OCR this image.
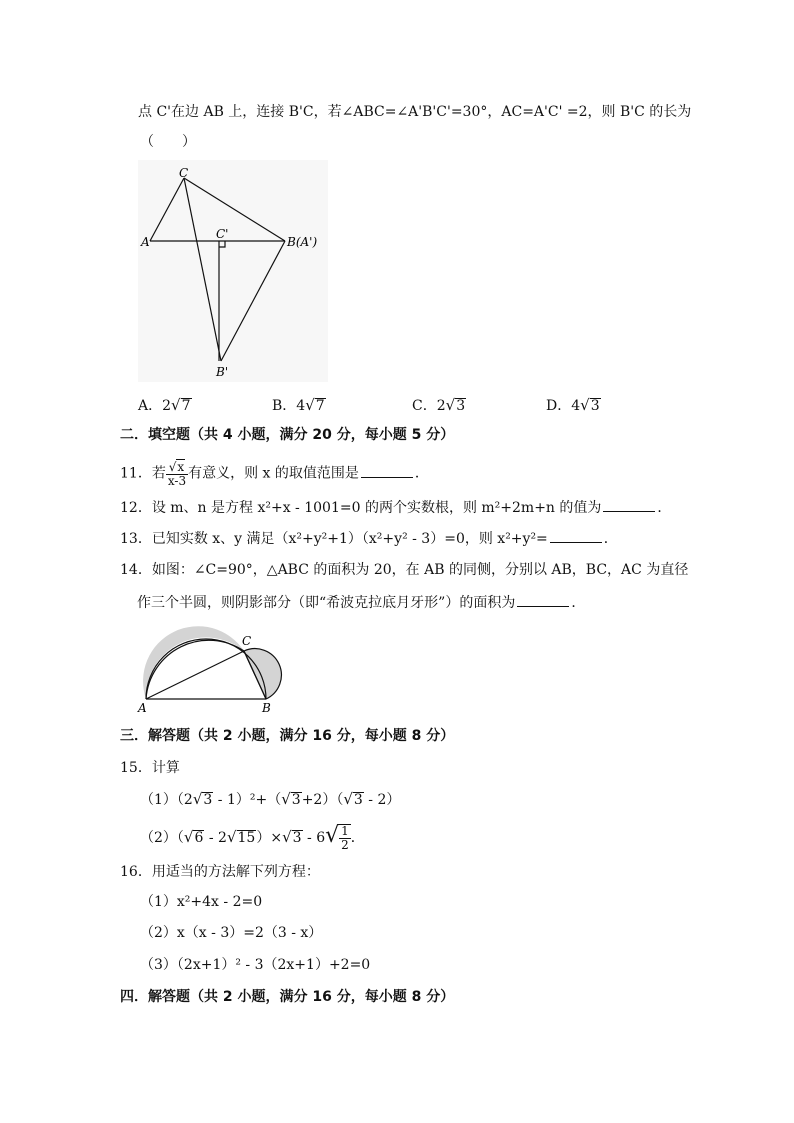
点 C'在边 AB 上，连接 B'C，若∠ABC=∠A'B'C'=30°，AC=A'C' =2，则 B'C 的长为
（　　）
C
A
C'
B(A')
B'
A．2√7	B．4√7	C．2√3	D．4√3
二．填空题（共 4 小题，满分 20 分，每小题 5 分）
11．若 $\frac{√x}{x-3}$ 有意义，则 x 的取值范围是	．
12．设 m、n 是方程 x²+x - 1001=0 的两个实数根，则 m²+2m+n 的值为	．
13．已知实数 x、y 满足（x²+y²+1）（x²+y² - 3）=0，则 x²+y²=	．
14．如图：∠C=90°，△ABC 的面积为 20，在 AB 的同侧，分别以 AB，BC，AC 为直径
作三个半圆，则阴影部分（即“希波克拉底月牙形”）的面积为	．
C
A	B
三．解答题（共 2 小题，满分 16 分，每小题 8 分）
15．计算
（1）（2√3 - 1）²+（√3+2）（√3 - 2）
$(2)(√6 - 2√15)\times√3 - 6√ \frac{1}{2}$ ．
16．用适当的方法解下列方程：
（1）x²+4x - 2=0
（2）x（x - 3）=2（3 - x）
（3）（2x+1）² - 3（2x+1）+2=0
四．解答题（共 2 小题，满分 16 分，每小题 8 分）
